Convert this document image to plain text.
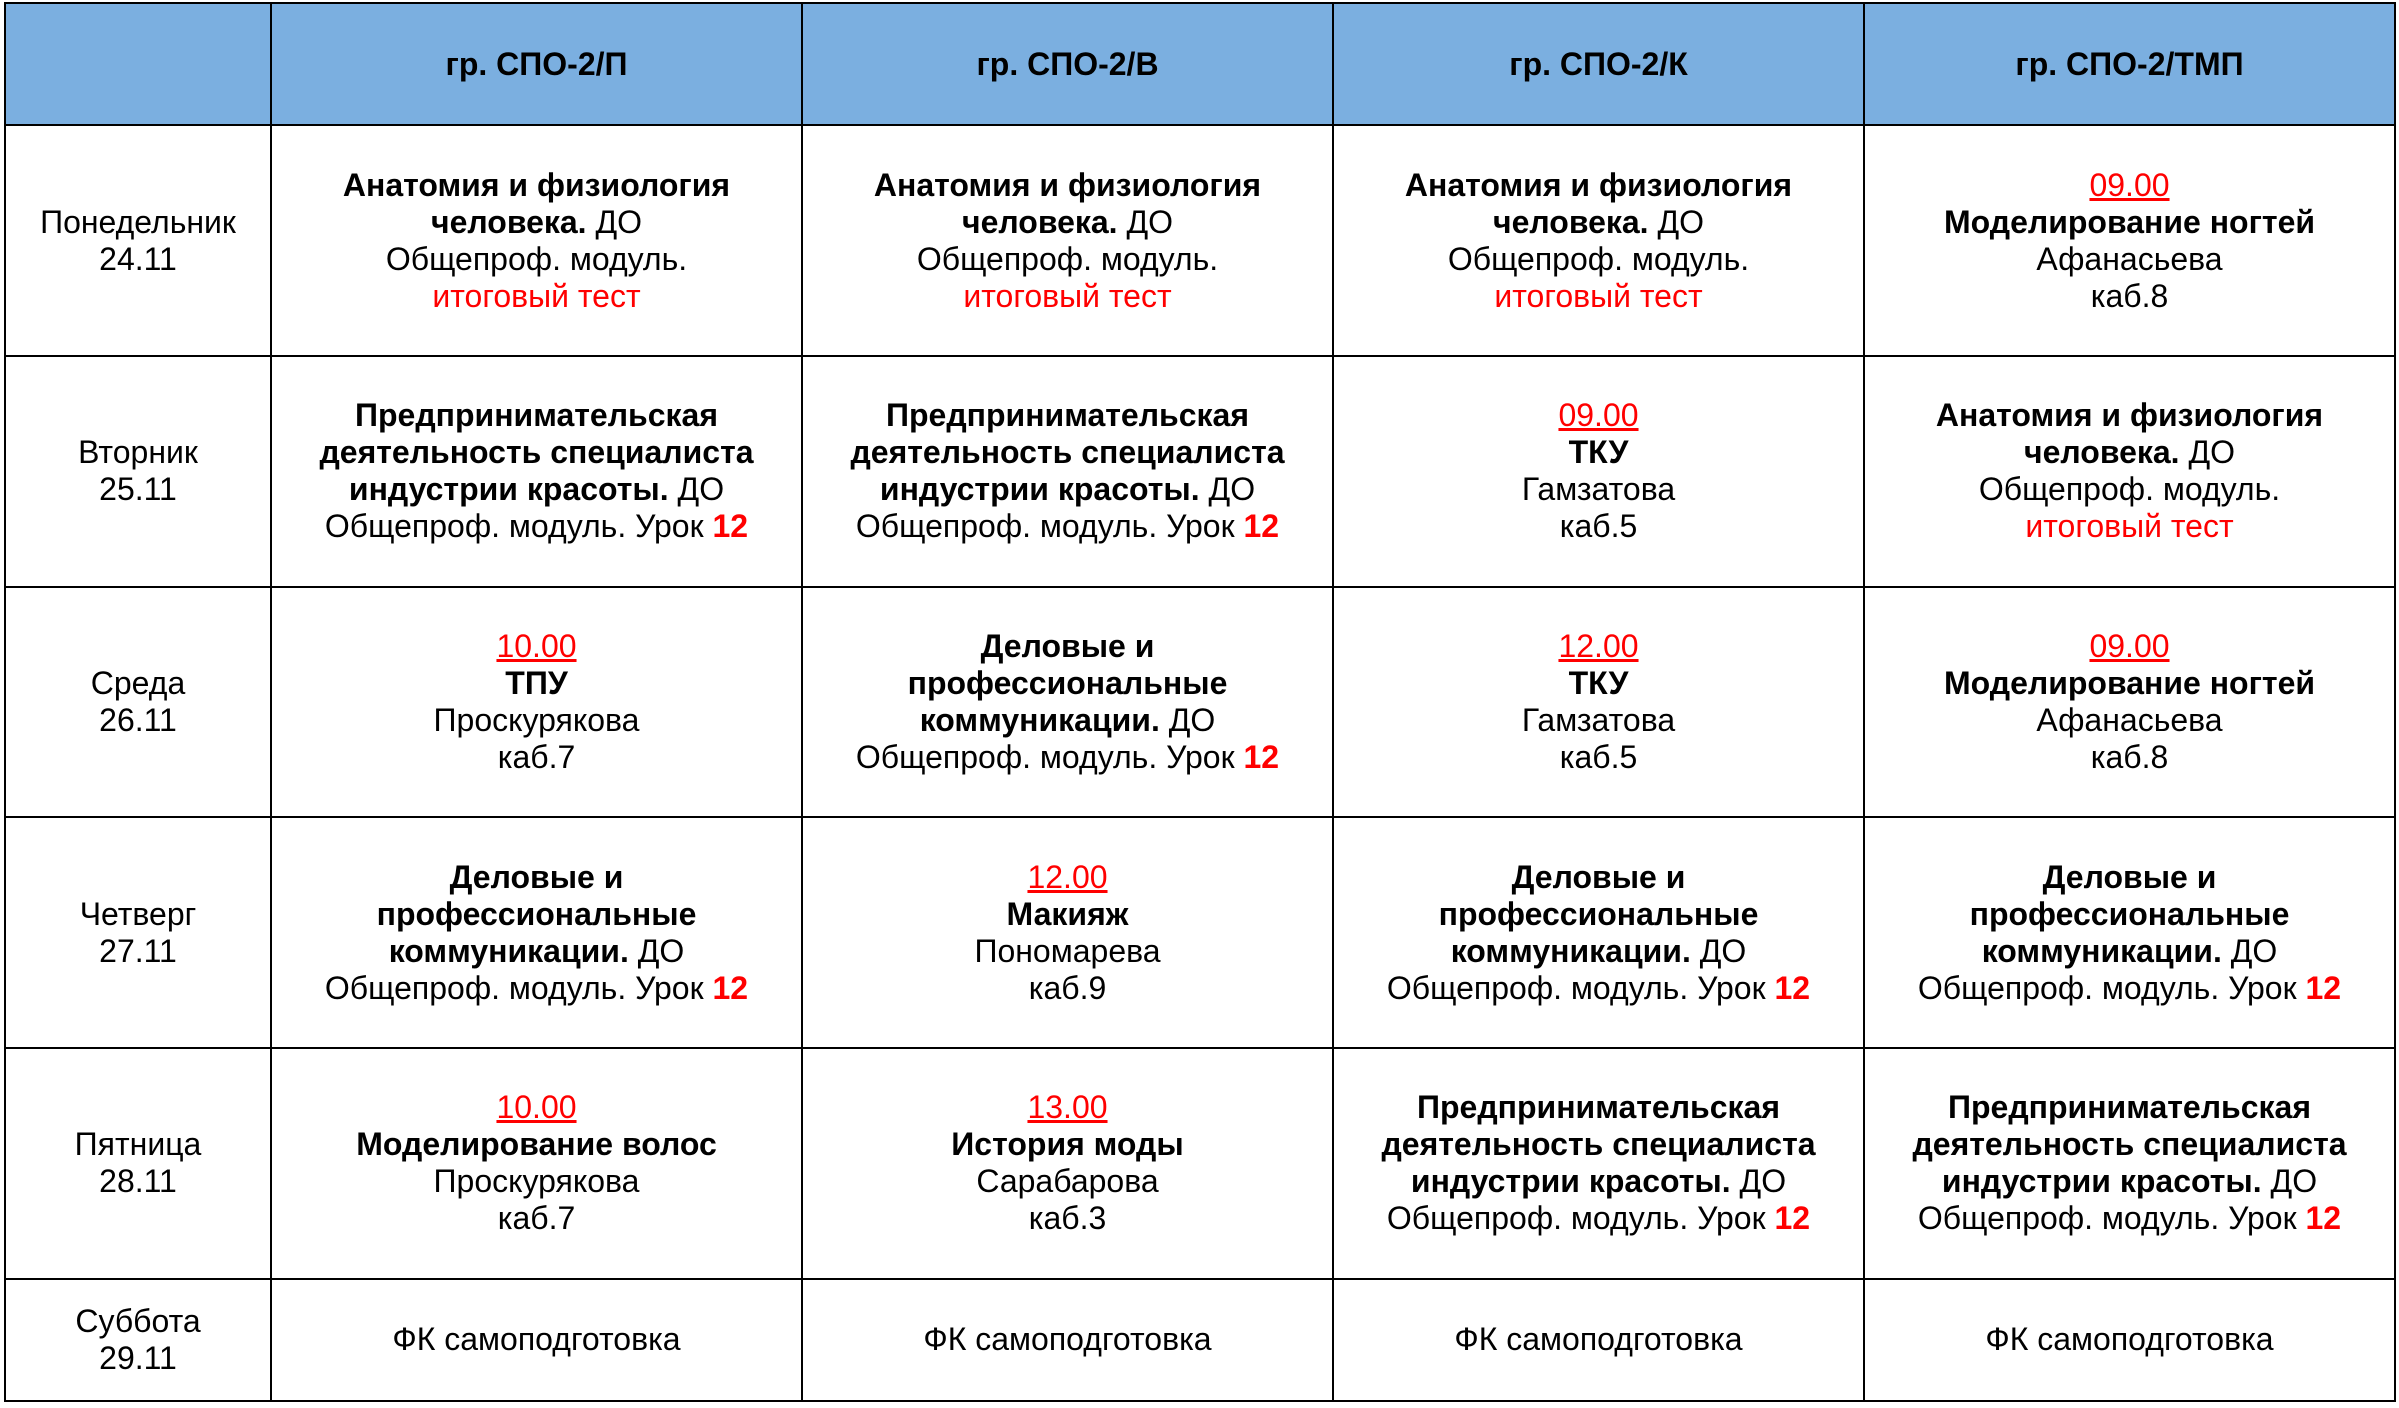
	гр. СПО-2/П	гр. СПО-2/В	гр. СПО-2/К	гр. СПО-2/ТМП

Понедельник
24.11	Анатомия и физиология
человека. ДО
Общепроф. модуль.
итоговый тест	Анатомия и физиология
человека. ДО
Общепроф. модуль.
итоговый тест	Анатомия и физиология
человека. ДО
Общепроф. модуль.
итоговый тест	09.00
Моделирование ногтей
Афанасьева
каб.8

Вторник
25.11	Предпринимательская
деятельность специалиста
индустрии красоты. ДО
Общепроф. модуль. Урок 12	Предпринимательская
деятельность специалиста
индустрии красоты. ДО
Общепроф. модуль. Урок 12	09.00
ТКУ
Гамзатова
каб.5	Анатомия и физиология
человека. ДО
Общепроф. модуль.
итоговый тест

Среда
26.11	10.00
ТПУ
Проскурякова
каб.7	Деловые и
профессиональные
коммуникации. ДО
Общепроф. модуль. Урок 12	12.00
ТКУ
Гамзатова
каб.5	09.00
Моделирование ногтей
Афанасьева
каб.8

Четверг
27.11	Деловые и
профессиональные
коммуникации. ДО
Общепроф. модуль. Урок 12	12.00
Макияж
Пономарева
каб.9	Деловые и
профессиональные
коммуникации. ДО
Общепроф. модуль. Урок 12	Деловые и
профессиональные
коммуникации. ДО
Общепроф. модуль. Урок 12

Пятница
28.11	10.00
Моделирование волос
Проскурякова
каб.7	13.00
История моды
Сарабарова
каб.3	Предпринимательская
деятельность специалиста
индустрии красоты. ДО
Общепроф. модуль. Урок 12	Предпринимательская
деятельность специалиста
индустрии красоты. ДО
Общепроф. модуль. Урок 12

Суббота
29.11	ФК самоподготовка	ФК самоподготовка	ФК самоподготовка	ФК самоподготовка
